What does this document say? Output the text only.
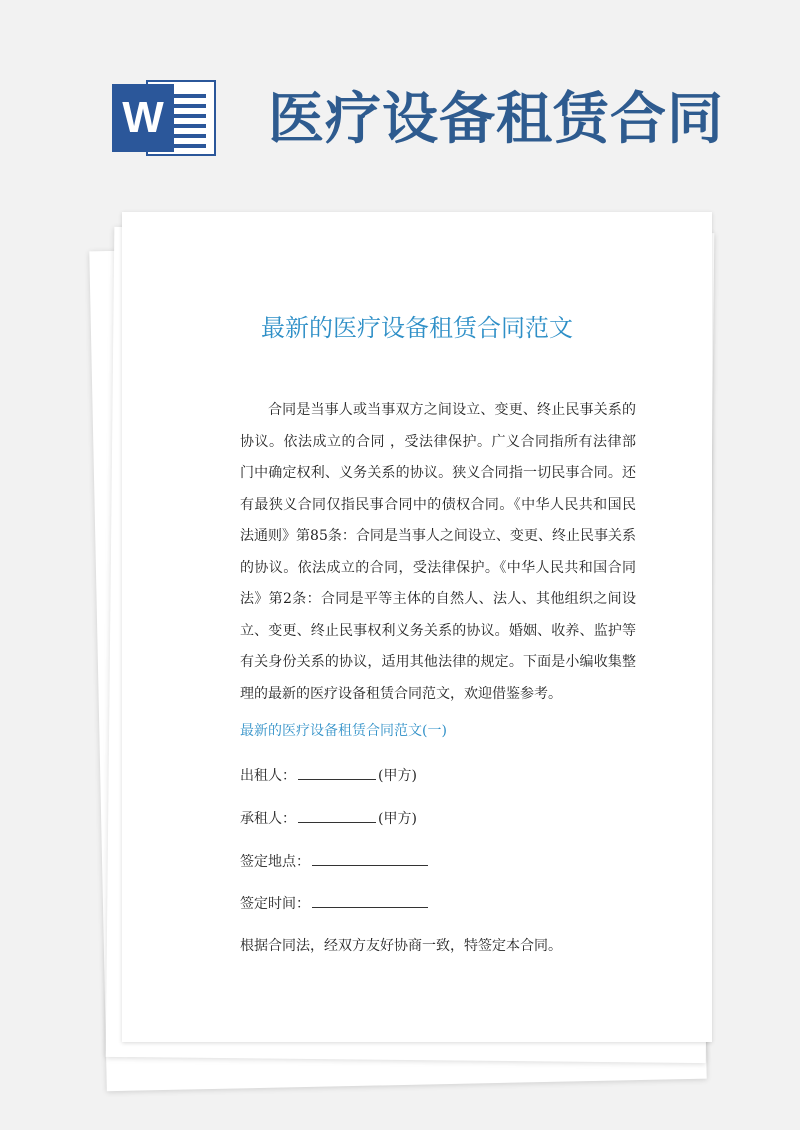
W 医疗设备租赁合同
最新的医疗设备租赁合同范文
合同是当事人或当事双方之间设立、变更、终止民事关系的协议。依法成立的合同 ，受法律保护。广义合同指所有法律部门中确定权利、义务关系的协议。狭义合同指一切民事合同。还有最狭义合同仅指民事合同中的债权合同。《中华人民共和国民法通则》第85条：合同是当事人之间设立、变更、终止民事关系的协议。依法成立的合同，受法律保护。《中华人民共和国合同法》第2条：合同是平等主体的自然人、法人、其他组织之间设立、变更、终止民事权利义务关系的协议。婚姻、收养、监护等有关身份关系的协议，适用其他法律的规定。下面是小编收集整理的最新的医疗设备租赁合同范文，欢迎借鉴参考。
最新的医疗设备租赁合同范文(一)
出租人：	(甲方)
承租人：	(甲方)
签定地点：
签定时间：
根据合同法，经双方友好协商一致，特签定本合同。
